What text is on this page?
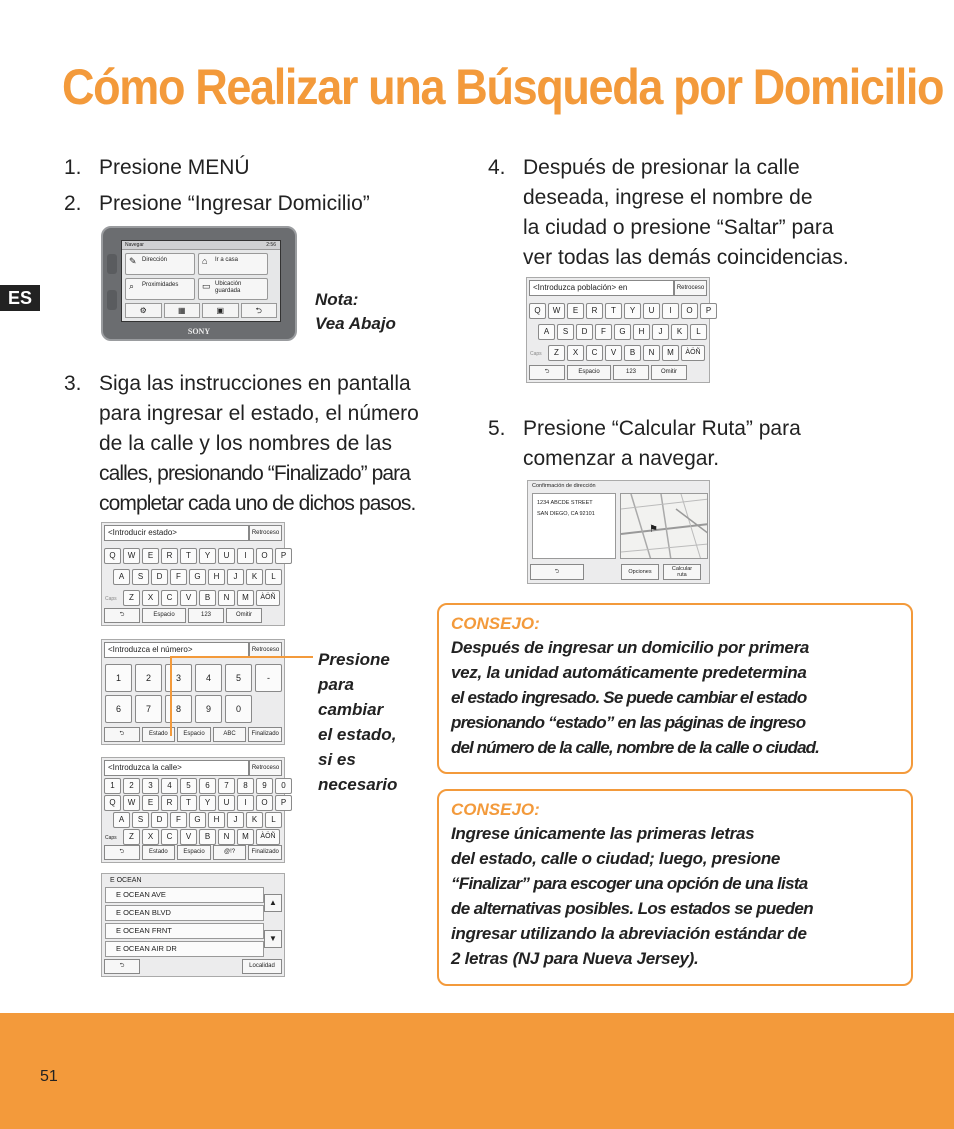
Cómo Realizar una Búsqueda por Domicilio
ES
1. Presione MENÚ
2. Presione “Ingresar Domicilio”
Navegar	2:56
✎ Dirección	⌂ Ir a casa
⌕ Proximidades	▭ Ubicación
guardada
⚙	▦	▣	⮌
SONY
Nota:
Vea Abajo
3. Siga las instrucciones en pantalla
para ingresar el estado, el número
de la calle y los nombres de las
calles, presionando “Finalizado” para
completar cada uno de dichos pasos.
<Introducir estado>	Retroceso
Q	W	E	R	T	Y	U	I	O	P
A	S	D	F	G	H	J	K	L
Caps	Z	X	C	V	B	N	M	ÀÖÑ
⮌	Espacio	123	Omitir
<Introduzca el número>	Retroceso
1	2	3	4	5	-
6	7	8	9	0
⮌	Estado	Espacio	ABC	Finalizado
<Introduzca la calle>	Retroceso
1	2	3	4	5	6	7	8	9	0
Q	W	E	R	T	Y	U	I	O	P
A	S	D	F	G	H	J	K	L
Caps	Z	X	C	V	B	N	M	ÀÖÑ
⮌	Estado	Espacio	@!?	Finalizado
E OCEAN
E OCEAN AVE
E OCEAN BLVD
E OCEAN FRNT
E OCEAN AIR DR
▲
▼
⮌	Localidad
Presione
para
cambiar
el estado,
si es
necesario
4. Después de presionar la calle
deseada, ingrese el nombre de
la ciudad o presione “Saltar” para
ver todas las demás coincidencias.
<Introduzca población> en	Retroceso
Q	W	E	R	T	Y	U	I	O	P
A	S	D	F	G	H	J	K	L
Caps	Z	X	C	V	B	N	M	ÀÖÑ
⮌	Espacio	123	Omitir
5. Presione “Calcular Ruta” para
comenzar a navegar.
Confirmación de dirección
1234 ABCDE STREET
SAN DIEGO, CA 92101
⚑
⮌	Opciones	Calcular
ruta
CONSEJO:
Después de ingresar un domicilio por primera
vez, la unidad automáticamente predetermina
el estado ingresado. Se puede cambiar el estado
presionando “estado” en las páginas de ingreso
del número de la calle, nombre de la calle o ciudad.
CONSEJO:
Ingrese únicamente las primeras letras
del estado, calle o ciudad; luego, presione
“Finalizar” para escoger una opción de una lista
de alternativas posibles. Los estados se pueden
ingresar utilizando la abreviación estándar de
2 letras (NJ para Nueva Jersey).
51
